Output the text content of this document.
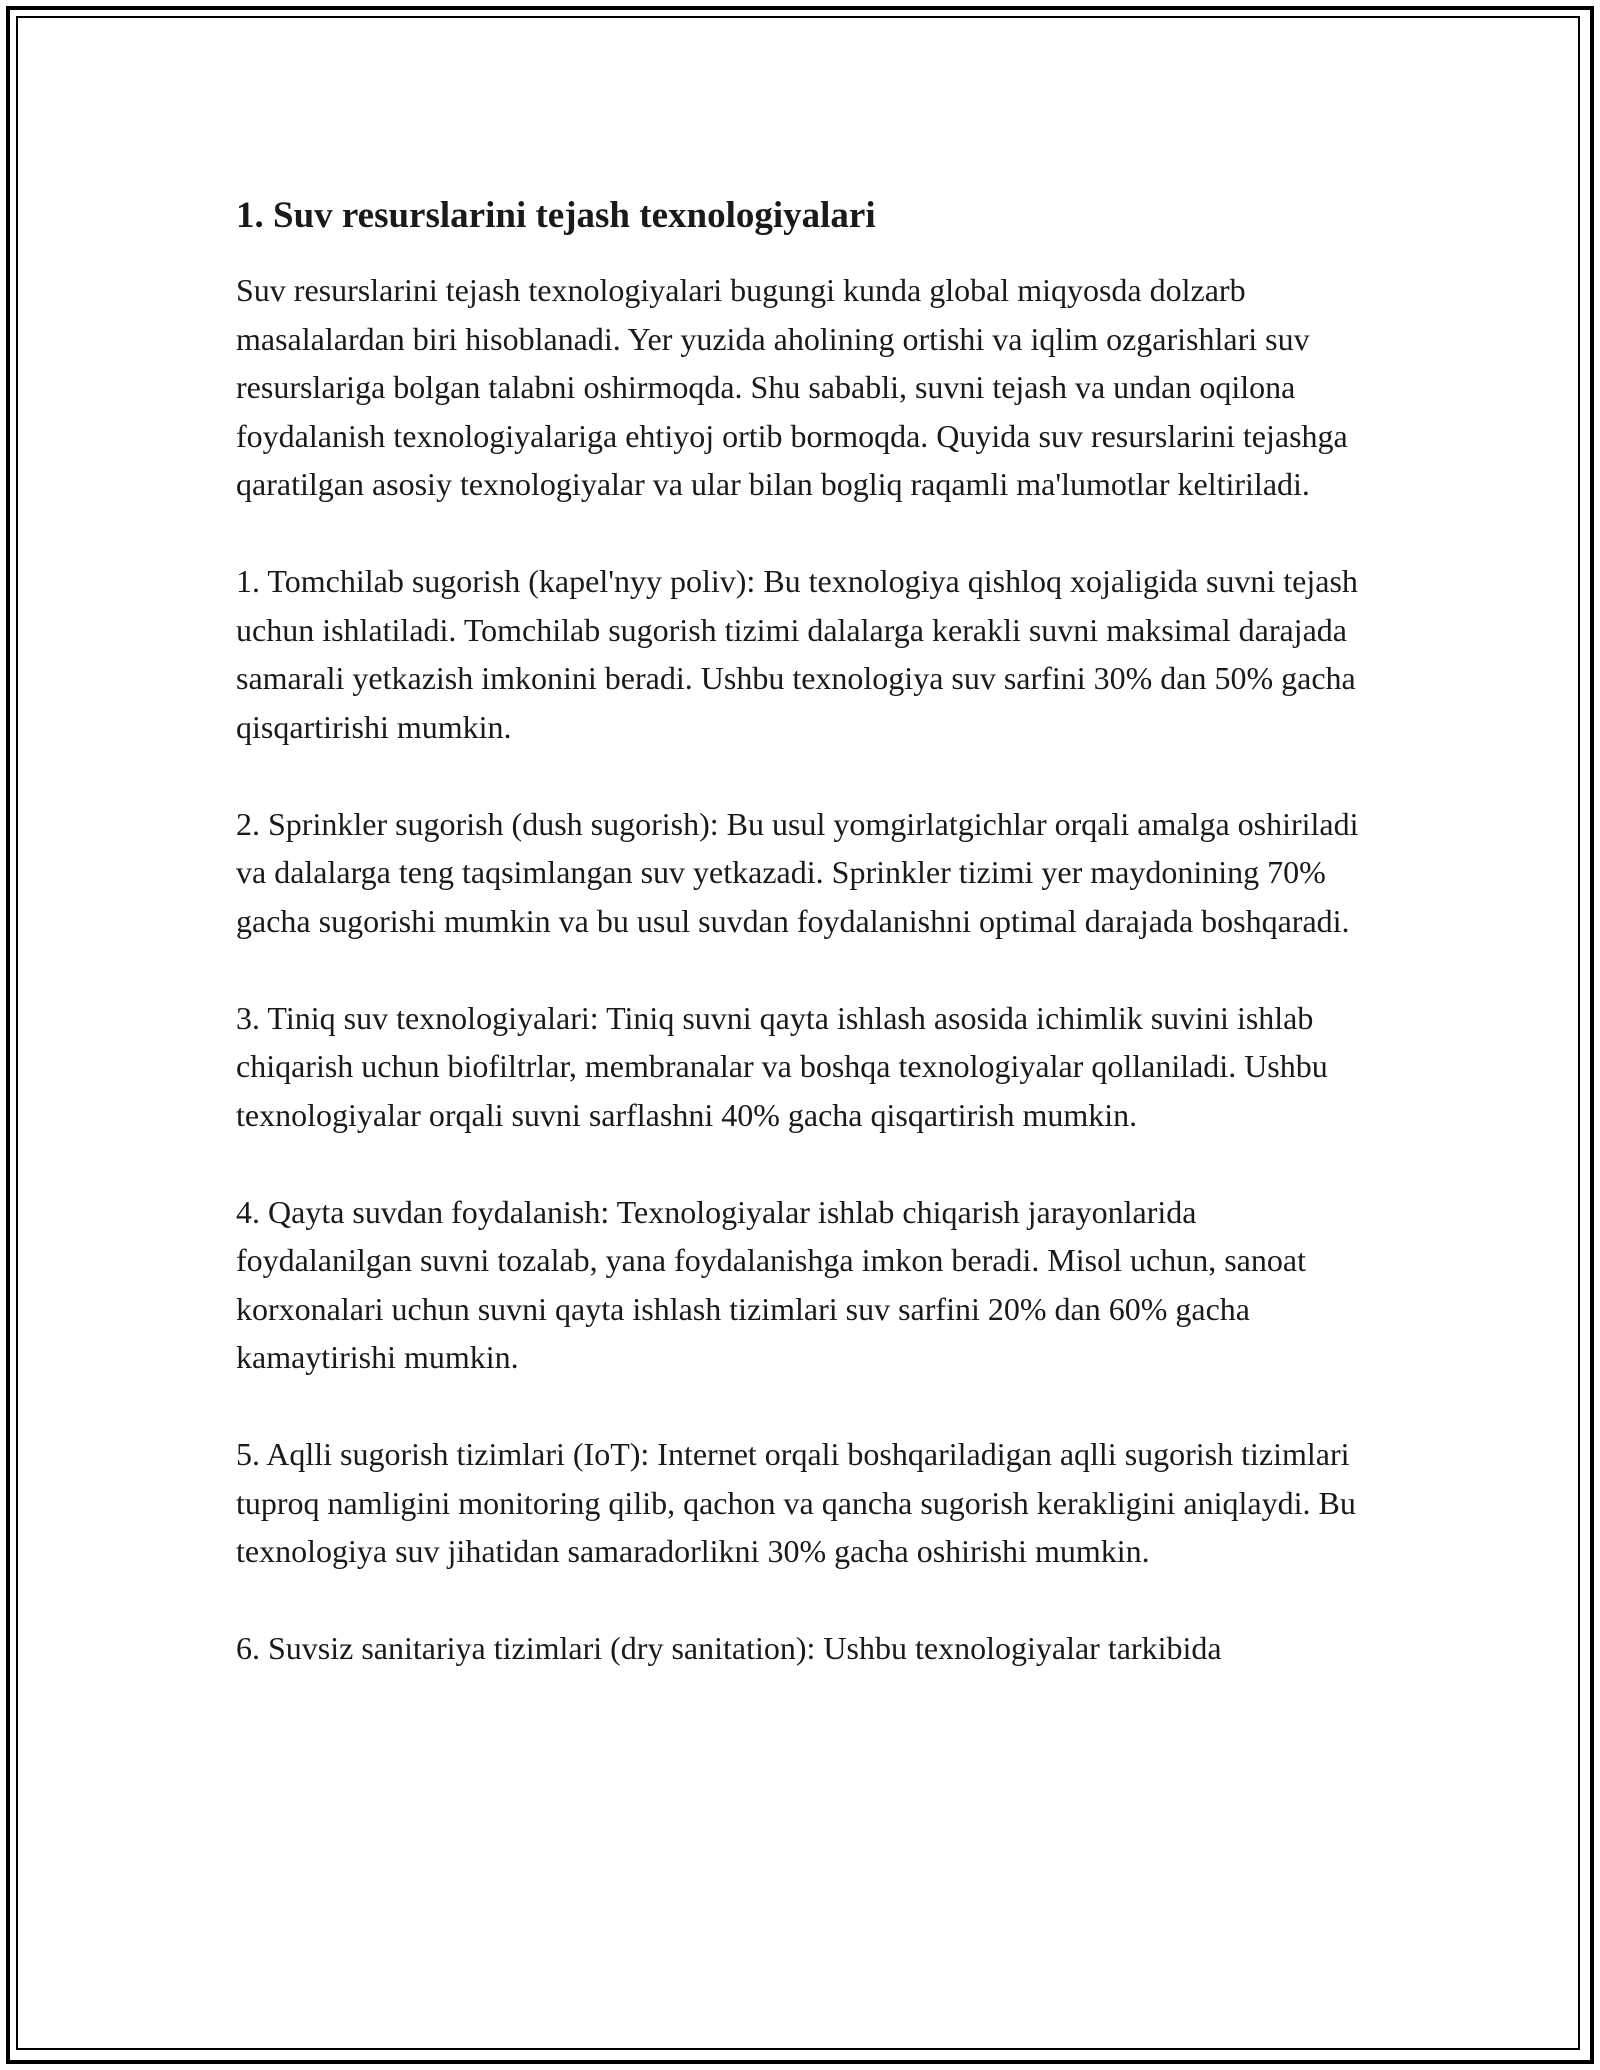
1. Suv resurslarini tejash texnologiyalari

Suv resurslarini tejash texnologiyalari bugungi kunda global miqyosda dolzarb masalalardan biri hisoblanadi. Yer yuzida aholining ortishi va iqlim ozgarishlari suv resurslariga bolgan talabni oshirmoqda. Shu sababli, suvni tejash va undan oqilona foydalanish texnologiyalariga ehtiyoj ortib bormoqda. Quyida suv resurslarini tejashga qaratilgan asosiy texnologiyalar va ular bilan bogliq raqamli ma'lumotlar keltiriladi.

1. Tomchilab sugorish (kapel'nyy poliv): Bu texnologiya qishloq xojaligida suvni tejash uchun ishlatiladi. Tomchilab sugorish tizimi dalalarga kerakli suvni maksimal darajada samarali yetkazish imkonini beradi. Ushbu texnologiya suv sarfini 30% dan 50% gacha qisqartirishi mumkin.

2. Sprinkler sugorish (dush sugorish): Bu usul yomgirlatgichlar orqali amalga oshiriladi va dalalarga teng taqsimlangan suv yetkazadi. Sprinkler tizimi yer maydonining 70% gacha sugorishi mumkin va bu usul suvdan foydalanishni optimal darajada boshqaradi.

3. Tiniq suv texnologiyalari: Tiniq suvni qayta ishlash asosida ichimlik suvini ishlab chiqarish uchun biofiltrlar, membranalar va boshqa texnologiyalar qollaniladi. Ushbu texnologiyalar orqali suvni sarflashni 40% gacha qisqartirish mumkin.

4. Qayta suvdan foydalanish: Texnologiyalar ishlab chiqarish jarayonlarida foydalanilgan suvni tozalab, yana foydalanishga imkon beradi. Misol uchun, sanoat korxonalari uchun suvni qayta ishlash tizimlari suv sarfini 20% dan 60% gacha kamaytirishi mumkin.

5. Aqlli sugorish tizimlari (IoT): Internet orqali boshqariladigan aqlli sugorish tizimlari tuproq namligini monitoring qilib, qachon va qancha sugorish kerakligini aniqlaydi. Bu texnologiya suv jihatidan samaradorlikni 30% gacha oshirishi mumkin.

6. Suvsiz sanitariya tizimlari (dry sanitation): Ushbu texnologiyalar tarkibida
